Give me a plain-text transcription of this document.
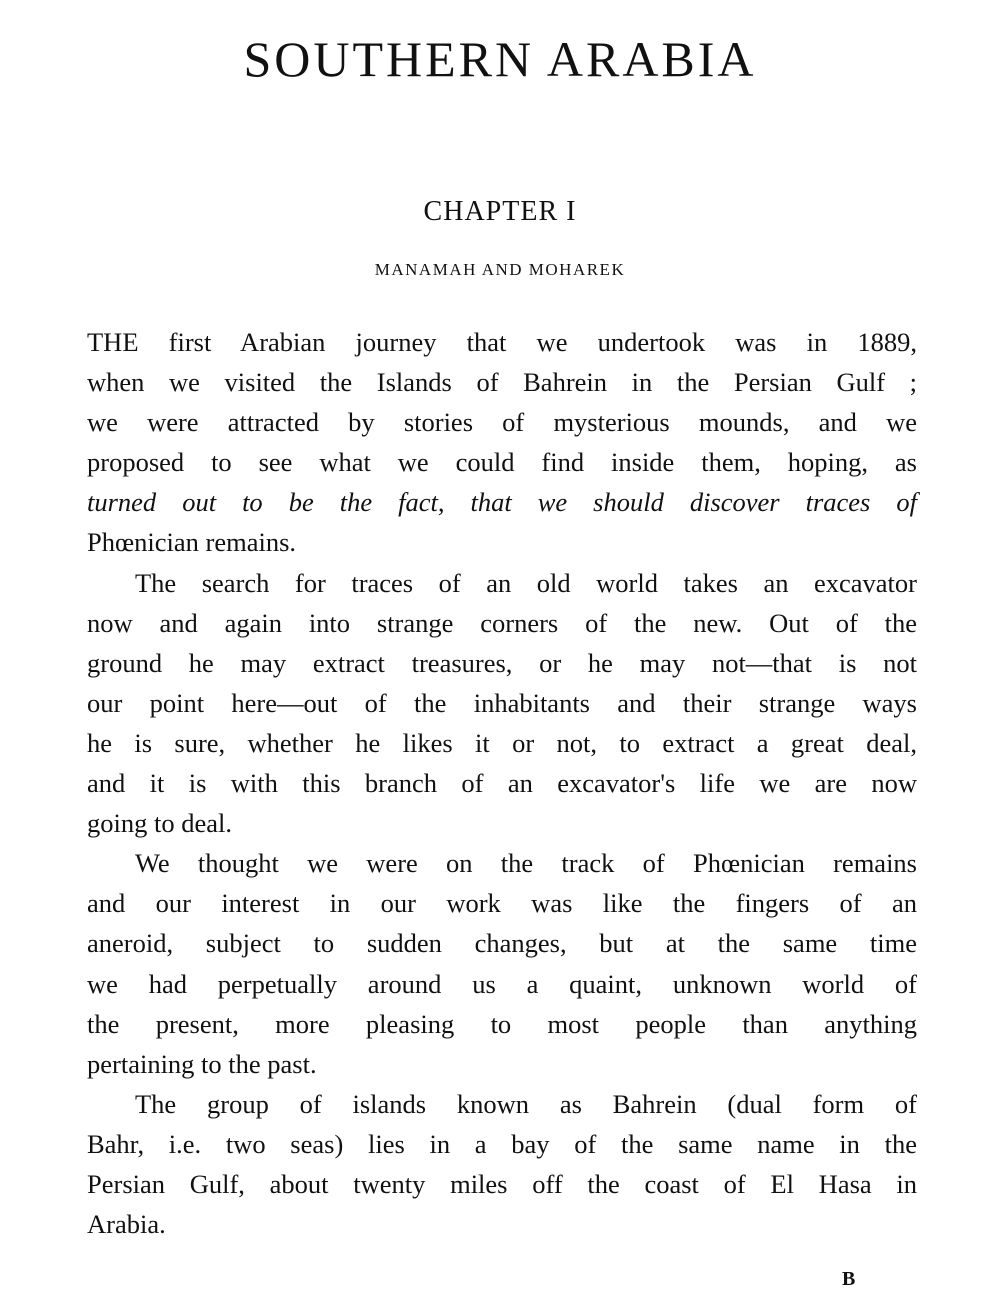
SOUTHERN ARABIA
CHAPTER I
MANAMAH AND MOHAREK
THE first Arabian journey that we undertook was in 1889,
when we visited the Islands of Bahrein in the Persian Gulf ;
we were attracted by stories of mysterious mounds, and we
proposed to see what we could find inside them, hoping, as
turned out to be the fact, that we should discover traces of
Phœnician remains.
The search for traces of an old world takes an excavator
now and again into strange corners of the new. Out of the
ground he may extract treasures, or he may not—that is not
our point here—out of the inhabitants and their strange ways
he is sure, whether he likes it or not, to extract a great deal,
and it is with this branch of an excavator's life we are now
going to deal.
We thought we were on the track of Phœnician remains
and our interest in our work was like the fingers of an
aneroid, subject to sudden changes, but at the same time
we had perpetually around us a quaint, unknown world of
the present, more pleasing to most people than anything
pertaining to the past.
The group of islands known as Bahrein (dual form of
Bahr, i.e. two seas) lies in a bay of the same name in the
Persian Gulf, about twenty miles off the coast of El Hasa in
Arabia.
B
